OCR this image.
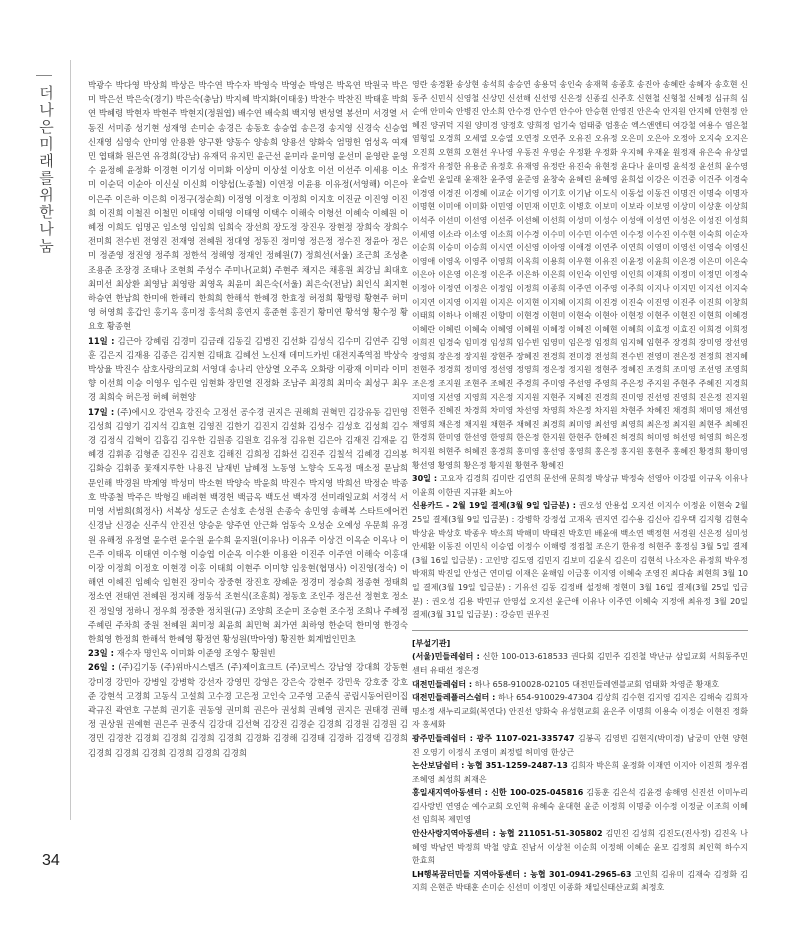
더나은미래를위한나눔
34

박광수 박다영 박상희 박상은 박수연 박수자 박영숙 박영순 박영은 박옥연 박원국 박은미 박은선 박은숙(경기) 박은숙(충남) 박지혜 박지화(이태웅) 박찬수 박찬진 박태훈 박희연 박혜령 박현자 박현주 박현지(정원엽) 배수연 배숙희 백지영 변성열 봉선미 서경열 서동진 서미종 성기현 성재영 손미순 송경은 송동호 송승엽 송은경 송지영 신경숙 신승엽 신재영 심영숙 안미영 안용환 양구환 양동수 양송희 양용선 양화숙 엄명헌 엄성옥 여재민 엽태화 원은연 유경희(강남) 유재덕 유지민 윤근선 윤미라 윤미영 윤선미 윤영란 윤영수 윤정혜 윤정화 이경현 이기성 이미화 이상미 이상설 이상호 이선 이선주 이세용 이소미 이순덕 이순아 이신실 이신희 이양섭(노종철) 이연정 이윤용 이유정(서영해) 이은아 이은주 이은하 이은희 이정구(정순희) 이정영 이정호 이정희 이지호 이진균 이진영 이진희 이진희 이철진 이철민 이태영 이태영 이태영 이택수 이해숙 이형선 이혜숙 이혜원 이혜정 이희도 임명곤 임소영 임임희 임희숙 장선희 장도정 장진우 장현정 장희숙 장희수 전미희 전수빈 전영진 전재영 전혜원 정대영 정동진 정미영 정은정 정수진 정윤아 정은미 정준영 정진영 정주희 정한석 정해영 정재인 정혜원(7) 정희선(서울) 조근희 조성춘 조용준 조장경 조태나 조현희 주성수 주미나(교회) 주현주 채지은 채흥원 최강님 최대호 최미선 최상환 최영남 최영랑 최영옥 최윤미 최은숙(서울) 최은숙(전남) 최인식 최지현 하승연 한남희 한미애 한해리 한희희 한해석 한혜경 한효정 허정희 황명령 황현주 허미영 허영희 홍갑인 홍기옥 홍미정 홍석희 홍연지 홍준현 홍진기 황미연 황석영 황수정 황요호 황종현

11일 : 김근아 강혜림 김경미 김금래 김동길 김병진 김선화 김성식 김수미 김연주 김영훈 김은지 김재용 김종은 김지현 김태효 김혜선 노신재 데미드카빈 대전지족역점 박상숙 박상율 박진수 삼호사랑의교회 서영대 송나리 안상열 오주옥 오화랑 이광재 이미라 이미향 이선희 이승 이영우 임수린 임현화 장민열 진정화 조남주 최경희 최미숙 최성구 최우경 최희숙 허은정 허혜 허현양

17일 : (주)에시오 강연옥 강진숙 고정선 공수경 권지은 권해희 권혁민 김강유동 김민영 김성희 김영기 김지석 김효현 김영진 김한기 김진지 김설화 김성수 김성호 김성희 김수경 김정식 김혁이 김흡김 김우한 김원종 김원호 김유정 김유현 김은아 김재진 김재윤 김혜경 김휘종 김형준 김진우 김진호 김해진 김희정 김화선 김진주 김칠석 김혜경 김의봉 김화승 김휘종 꽃재지루한 나용진 남재빈 남혜정 노동영 노향숙 도옥정 매소정 문남희 문인해 박경원 박계영 박성미 박소현 박양숙 박윤희 박진수 박지영 박희선 박정순 박종호 박종철 박주은 박형길 배려현 백경헌 백금옥 백도선 백자경 선미래일교회 서경석 서미영 서범희(희정사) 서복상 성도군 손성호 손성원 손종숙 송민영 송해복 스타트에어컨 신경남 신경순 신주식 안진선 양승운 양주연 안근화 엄동숙 오성순 오예성 우문희 유경원 유해정 유정열 윤수련 윤수원 윤수희 윤지원(이유나) 이유주 이상건 이옥순 이옥나 이은주 이태옥 이태연 이수형 이승엽 이순옥 이수환 이용완 이진주 이주연 이해숙 이홍대 이장 이정희 이정호 이현경 이홍 이태희 이현주 이미향 임웅현(협명사) 이진영(정숙) 이해연 이혜진 임혜숙 임현진 장미숙 장중현 장진호 장혜운 정경미 정승희 정종현 정태희 정소연 전태연 전혜원 정지해 정동석 조현식(조훈희) 정동호 조인주 정은선 정현호 정소진 정일영 정하니 정우희 정중환 정치원(규) 조양희 조순미 조승현 조수정 조희나 주혜정 주혜린 주차희 중원 천혜원 최미정 최윤희 최민혁 최가연 최하영 한순덕 한미영 한경숙 한희영 한정희 한해석 한혜영 황정연 황성원(박아영) 황진한 회계법인민초

23일 : 재수자 명인옥 이미화 이준영 조영수 황원빈

26일 : (주)김기동 (주)위바시스템즈 (주)제이효크트 (주)코빅스 강남영 강대희 강동현 강미경 강민아 강병일 강병학 강선자 강영민 강영은 강은숙 강현주 강민욱 강호중 강호준 강현석 고경희 고동식 고설희 고수경 고은정 고인숙 고주영 고준식 공립시동어린이집 곽규진 곽연호 구분희 권기훈 권동영 권미희 권은아 권성희 권혜영 권지은 권태경 권해정 권상원 권예현 권은주 권중식 김강대 김선혁 김강진 김경순 김경희 김경원 김경원 김경민 김경찬 김경회 김경희 김경희 김경희 김경화 김경해 김경태 김경하 김경택 김경희 김경희 김경희 김경희 김경희 김경희 김경희

영란 송경환 송상현 송석희 송승연 송용덕 송인숙 송재혁 송종호 송진아 송혜란 송혜자 송호현 신동주 신민식 신영철 신상민 신선해 신선영 신은정 신종길 신주호 신현철 신형철 신혜정 심규희 심순애 안미숙 안병진 안소희 안수경 안수연 안수아 안승현 안영진 안은숙 안지원 안지혜 안현정 안혜진 양귀덕 지원 양미경 양정호 양희정 엄기숙 엄태중 엄흥순 엑스앤엔티 여강철 여용수 염은철 염형일 오경희 오세열 오승열 오연정 오연주 오유진 오유정 오은미 오은아 오정아 오지숙 오지은 오진희 오현희 오현선 우나영 우동진 우영순 우정환 우정화 우지혜 우재윤 원정재 유은숙 유상열 유정자 유정한 유용준 유정호 유재영 유정란 유진숙 유현정 윤다나 윤미령 윤석정 윤선희 윤수영 윤슬빈 윤일래 윤재찬 윤주영 윤준영 윤창숙 윤혜린 윤혜영 윤희섭 이강은 이건중 이건주 이경숙 이경영 이경진 이경혜 이교순 이기영 이기호 이기남 이도식 이동섭 이동건 이명건 이명숙 이명자 이명현 이미애 이미화 이민영 이민재 이민호 이병호 이보미 이보라 이보영 이상미 이상훈 이상희 이석주 이선미 이선영 이선주 이선혜 이선희 이성미 이성수 이성애 이성연 이성은 이성진 이성희 이세영 이소라 이소영 이소희 이수경 이수미 이수민 이수연 이수정 이수진 이수현 이숙희 이순자 이순희 이승미 이승희 이시연 이신영 이아영 이애경 이연주 이연희 이영미 이영선 이영숙 이영신 이영애 이영옥 이영주 이영희 이옥희 이용희 이우현 이유진 이윤정 이윤희 이은경 이은미 이은숙 이은아 이은영 이은정 이은주 이은하 이은희 이인숙 이인영 이인희 이재희 이정미 이정민 이정숙 이정아 이정연 이정은 이정임 이정희 이종희 이주연 이주영 이주희 이지나 이지민 이지선 이지숙 이지연 이지영 이지원 이지은 이지현 이지혜 이지희 이진경 이진숙 이진영 이진주 이진희 이창희 이태희 이하나 이해진 이향미 이현경 이현미 이현숙 이현아 이현정 이현주 이현진 이현희 이혜경 이혜란 이혜린 이혜숙 이혜영 이혜원 이혜정 이혜진 이혜현 이혜희 이효정 이효진 이희경 이희정 이희진 임경숙 임미경 임성희 임수빈 임영미 임은정 임정희 임지혜 임현주 장경희 장미영 장선영 장영희 장은정 장지원 장현주 장혜진 전경희 전미경 전성희 전수빈 전영미 전은정 전정희 전지혜 전현주 정경희 정미영 정선영 정영희 정은정 정지원 정현주 정혜진 조경희 조미영 조선영 조영희 조은정 조지원 조현주 조혜진 주경희 주미영 주선영 주영희 주은정 주지원 주현주 주혜진 지경희 지미영 지선영 지영희 지은정 지지원 지현주 지혜진 진경희 진미영 진선영 진영희 진은정 진지원 진현주 진혜진 차경희 차미영 차선영 차영희 차은정 차지원 차현주 차혜진 채경희 채미영 채선영 채영희 채은정 채지원 채현주 채혜진 최경희 최미영 최선영 최영희 최은정 최지원 최현주 최혜진 한경희 한미영 한선영 한영희 한은정 한지원 한현주 한혜진 허경희 허미영 허선영 허영희 허은정 허지원 허현주 허혜진 홍경희 홍미영 홍선영 홍영희 홍은정 홍지원 홍현주 홍혜진 황경희 황미영 황선영 황영희 황은정 황지원 황현주 황혜진

30일 : 고요자 김경희 김미란 김연희 문선애 문희정 박상규 박정숙 선영아 이강필 이규옥 이유나 이윤희 이한권 지규환 최노아

신용카드 - 2월 19일 결제(3월 9일 입금분) : 권오성 안용섭 오지선 이지수 이정윤 이현숙 2월 25일 결제(3월 9일 입금분) : 강병학 강정섭 고재옥 권지연 김수용 김신아 김우택 김지형 김현숙 박상윤 박상호 박종우 박소희 박해미 박태진 박호민 배윤애 백소연 백정현 서경원 신은정 심미성 안세환 이동진 이민식 이승엽 이정수 이해령 정점철 조은기 한유정 허현주 홍정심 3월 5일 결제(3월 16일 입금분) : 고인망 김도영 김민지 김보미 김윤식 김은미 김현석 나소자은 류정희 박우정 박재희 박진일 안성근 연미림 이재은 윤해임 이금홍 이지영 이혜숙 조영진 최다솜 최현희 3월 10일 결제(3월 19일 입금분) : 기유선 김동 김정배 설정해 정현미 3월 16일 결제(3월 25일 입금분) : 권오성 김용 박민규 안영섭 오지선 윤근애 이유나 이주연 이혜숙 지정애 최유정 3월 20일 결제(3월 31일 입금분) : 강승민 권우진

[부설기관]

(서울)민들레쉼터 : 신한 100-013-618533 권다회 김민주 김진철 박난규 삼일교회 서희동주민센터 유태선 정은경

대전민들레쉼터 : 하나 658-910028-02105 대전민들레엔블교회 엄태화 차영준 황재호

대전민들레플러스쉼터 : 하나 654-910029-47304 김상희 김수현 김지영 김지은 김해숙 김희자 명소정 새누리교회(복연다) 안진선 양화숙 유성현교회 윤은주 이명희 이용숙 이정순 이현진 정화자 홍세화

광주민들레쉼터 : 광주 1107-021-335747 김봉곡 김영빈 김현지(박미경) 남궁미 안현 양현진 오영기 이정식 조영미 최정렬 허미영 한상근

논산보담쉼터 : 농협 351-1259-2487-13 김희자 박은희 윤정화 이재연 이지아 이진희 정우겸 조혜영 최성희 최재은

홍일새지역아동센터 : 신한 100-025-045816 김동훈 김은석 김윤경 송해영 신진선 이미누리 김사랑빈 연영순 예수교회 오인혁 유혜숙 윤대현 윤준 이정희 이명중 이수정 이정균 이조희 이혜선 임희복 제민영

안산사랑지역아동센터 : 농협 211051-51-305802 김민진 김성희 김진도(진사정) 김진옥 나혜영 박남연 박정희 박철 양효 진남서 이상천 이순희 이정해 이혜순 윤모 김정희 최인혁 하수지 한효희

LH행복꿈터민들 지역아동센터 : 농협 301-0941-2965-63 고인희 김유미 김재숙 김정화 김지희 은현준 박태훈 손미순 신선미 이정민 이종화 채일신태산교회 최정호
